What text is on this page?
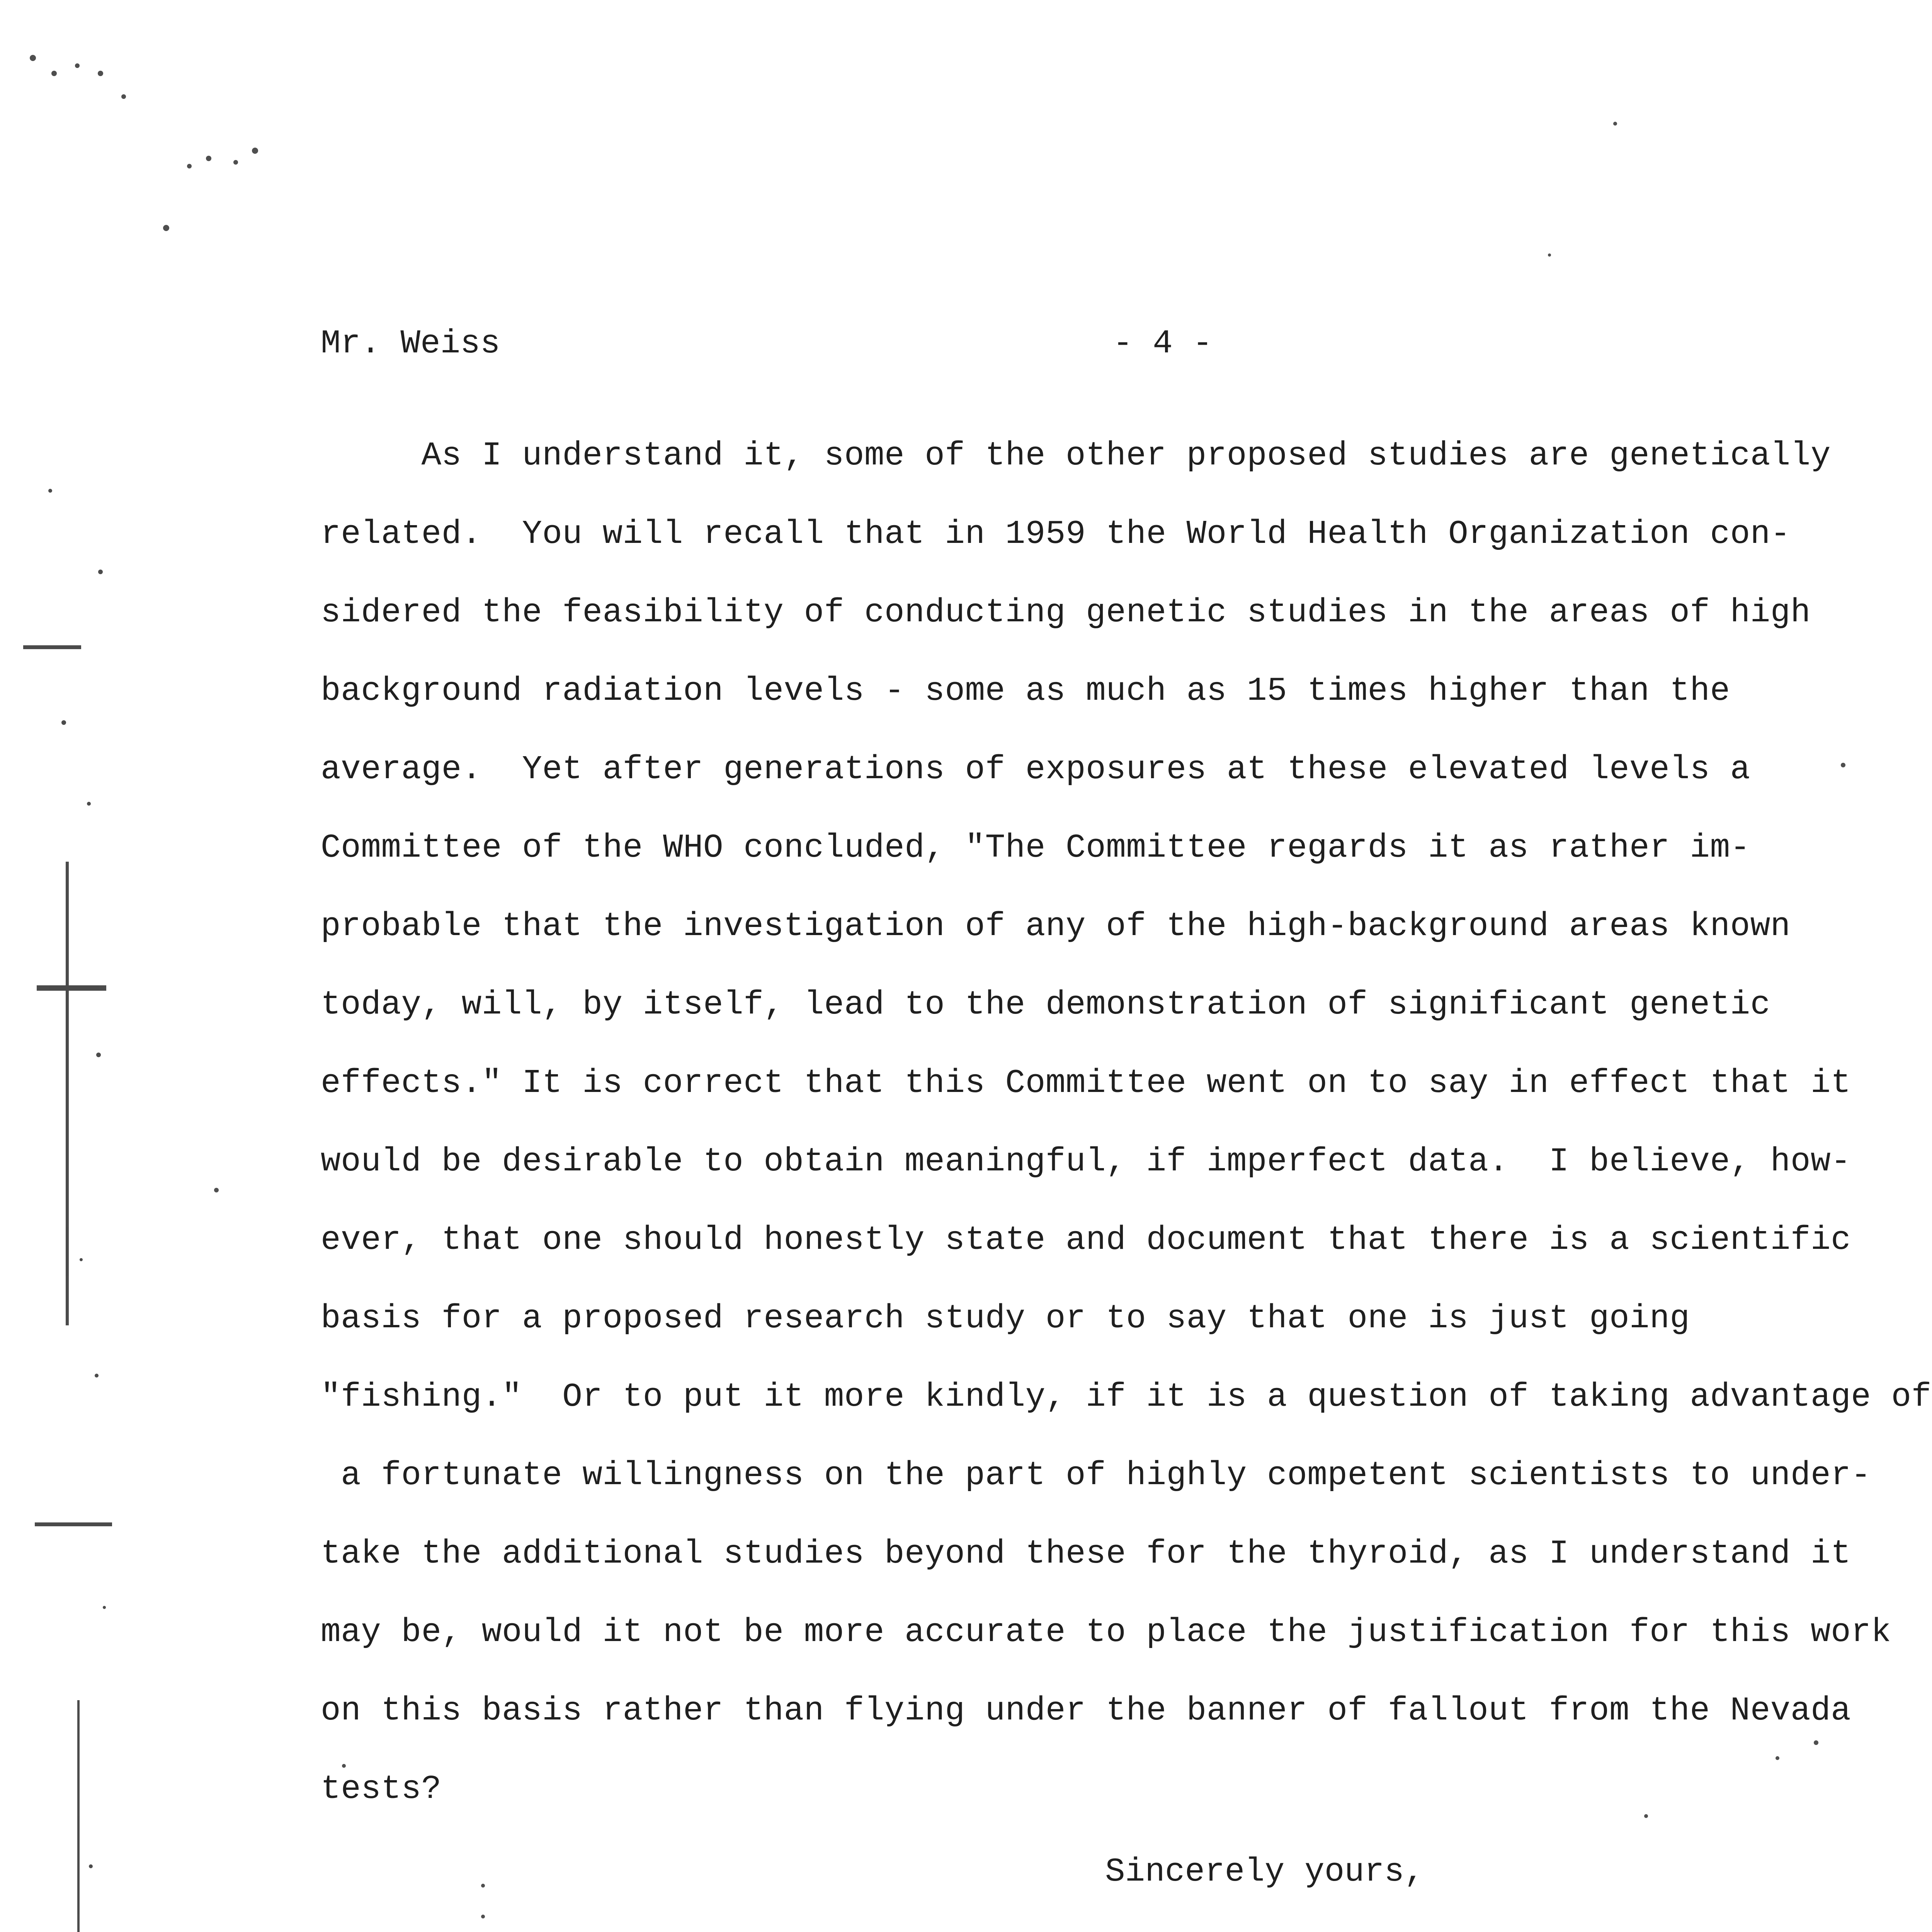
Mr. Weiss	- 4 -
As I understand it, some of the other proposed studies are genetically
related.  You will recall that in 1959 the World Health Organization con-
sidered the feasibility of conducting genetic studies in the areas of high
background radiation levels - some as much as 15 times higher than the
average.  Yet after generations of exposures at these elevated levels a
Committee of the WHO concluded, "The Committee regards it as rather im-
probable that the investigation of any of the high-background areas known
today, will, by itself, lead to the demonstration of significant genetic
effects." It is correct that this Committee went on to say in effect that it
would be desirable to obtain meaningful, if imperfect data.  I believe, how-
ever, that one should honestly state and document that there is a scientific
basis for a proposed research study or to say that one is just going
"fishing."  Or to put it more kindly, if it is a question of taking advantage of
a fortunate willingness on the part of highly competent scientists to under-
take the additional studies beyond these for the thyroid, as I understand it
may be, would it not be more accurate to place the justification for this work
on this basis rather than flying under the banner of fallout from the Nevada
tests?
Sincerely yours,
